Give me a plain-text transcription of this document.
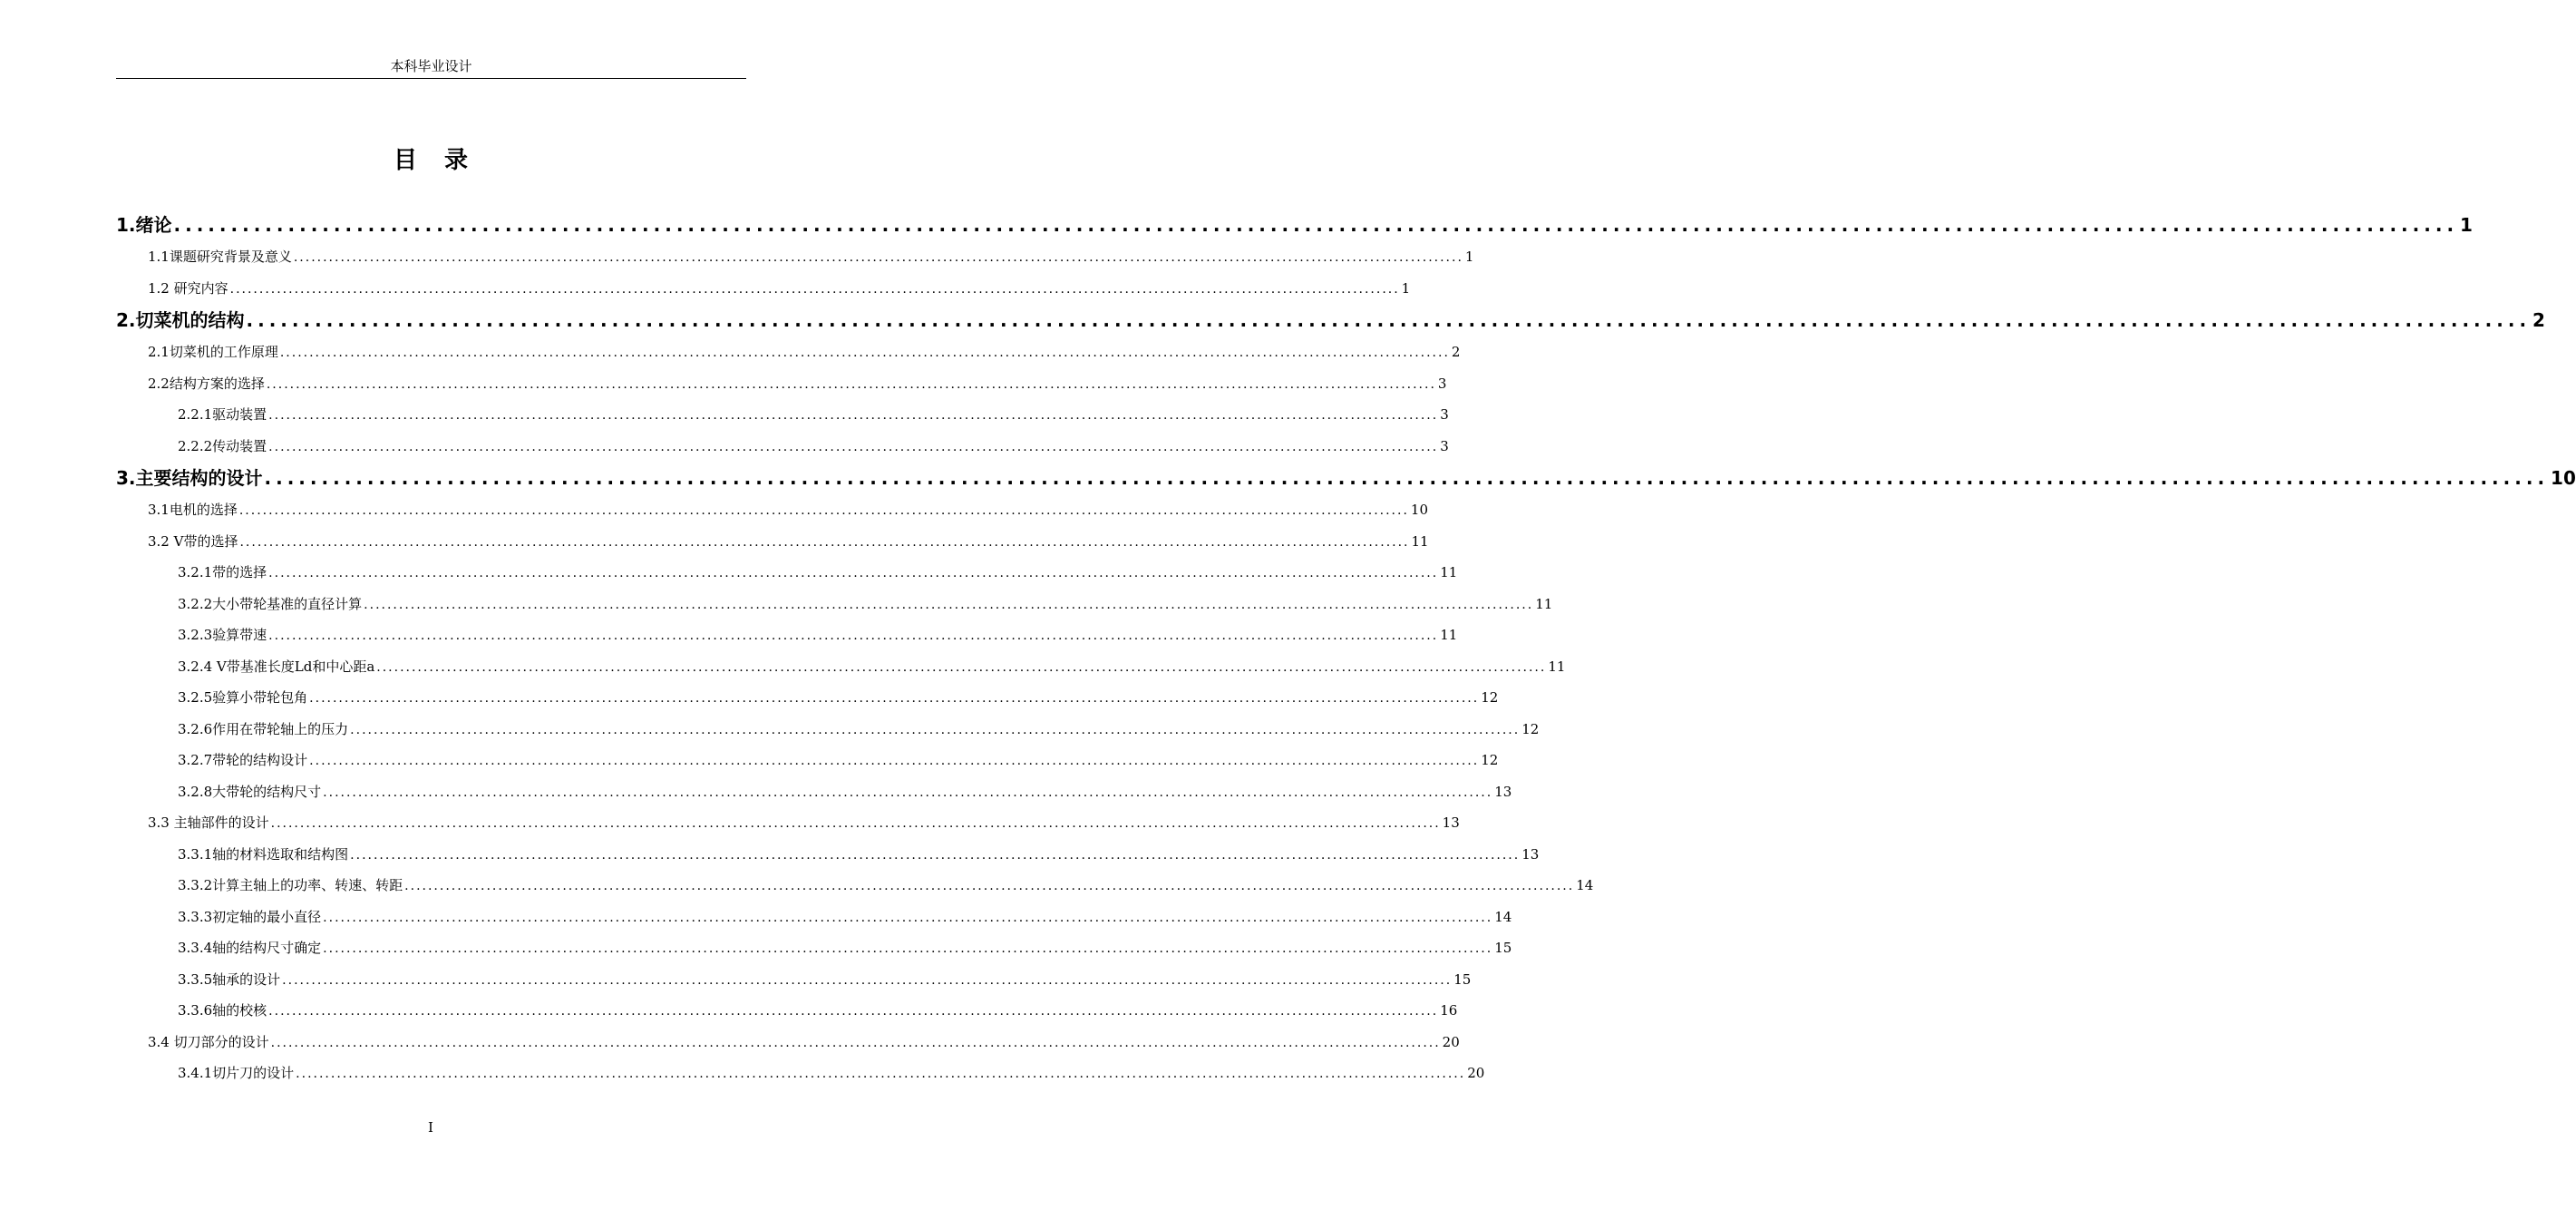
本科毕业设计
目录
1.绪论 ........................................................................................................................................................................................................ 1
1.1课题研究背景及意义 ........................................................................................................................................................................................................ 1
1.2 研究内容 ........................................................................................................................................................................................................ 1
2.切菜机的结构 ........................................................................................................................................................................................................ 2
2.1切菜机的工作原理 ........................................................................................................................................................................................................ 2
2.2结构方案的选择 ........................................................................................................................................................................................................ 3
2.2.1驱动装置 ........................................................................................................................................................................................................ 3
2.2.2传动装置 ........................................................................................................................................................................................................ 3
3.主要结构的设计 ........................................................................................................................................................................................................ 10
3.1电机的选择 ........................................................................................................................................................................................................ 10
3.2 V带的选择 ........................................................................................................................................................................................................ 11
3.2.1带的选择 ........................................................................................................................................................................................................ 11
3.2.2大小带轮基准的直径计算 ........................................................................................................................................................................................................ 11
3.2.3验算带速 ........................................................................................................................................................................................................ 11
3.2.4 V带基准长度Ld和中心距a ........................................................................................................................................................................................................ 11
3.2.5验算小带轮包角 ........................................................................................................................................................................................................ 12
3.2.6作用在带轮轴上的压力 ........................................................................................................................................................................................................ 12
3.2.7带轮的结构设计 ........................................................................................................................................................................................................ 12
3.2.8大带轮的结构尺寸 ........................................................................................................................................................................................................ 13
3.3 主轴部件的设计 ........................................................................................................................................................................................................ 13
3.3.1轴的材料选取和结构图 ........................................................................................................................................................................................................ 13
3.3.2计算主轴上的功率、转速、转距 ........................................................................................................................................................................................................ 14
3.3.3初定轴的最小直径 ........................................................................................................................................................................................................ 14
3.3.4轴的结构尺寸确定 ........................................................................................................................................................................................................ 15
3.3.5轴承的设计 ........................................................................................................................................................................................................ 15
3.3.6轴的校核 ........................................................................................................................................................................................................ 16
3.4 切刀部分的设计 ........................................................................................................................................................................................................ 20
3.4.1切片刀的设计 ........................................................................................................................................................................................................ 20
I
